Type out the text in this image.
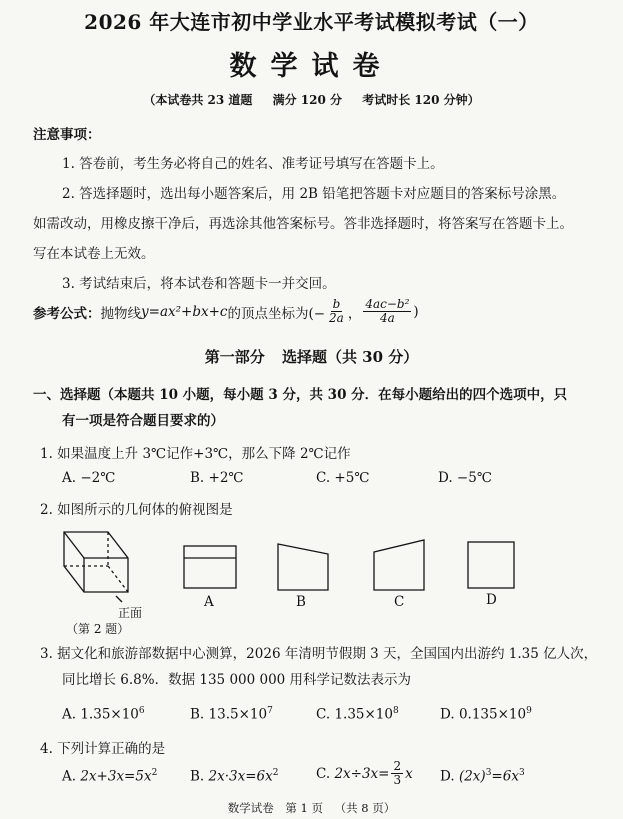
2026 年大连市初中学业水平考试模拟考试（一）
数学试卷
（本试卷共 23 道题 满分 120 分 考试时长 120 分钟）
注意事项：
1. 答卷前，考生务必将自己的姓名、准考证号填写在答题卡上。
2. 答选择题时，选出每小题答案后，用 2B 铅笔把答题卡对应题目的答案标号涂黑。
如需改动，用橡皮擦干净后，再选涂其他答案标号。答非选择题时，将答案写在答题卡上。
写在本试卷上无效。
3. 考试结束后，将本试卷和答题卡一并交回。
参考公式： 抛物线 y=ax²+bx+c 的顶点坐标为(− $\frac{b}{2a}$ ， $\frac{\text{4ac−b²}}{4a}$ )
第一部分 选择题（共 30 分）
一、选择题（本题共 10 小题，每小题 3 分，共 30 分．在每小题给出的四个选项中，只
有一项是符合题目要求的）
1. 如果温度上升 3℃记作+3℃，那么下降 2℃记作
A. −2℃	B. +2℃	C. +5℃	D. −5℃
2. 如图所示的几何体的俯视图是
正面
（第 2 题）
A	B	C	D
3. 据文化和旅游部数据中心测算，2026 年清明节假期 3 天，全国国内出游约 1.35 亿人次，
同比增长 6.8%．数据 135 000 000 用科学记数法表示为
A. $1.35\times 10^6$	B. $13.5\times 10^7$	C. $1.35\times 10^8$	D. $0.135\times 10^9$
4. 下列计算正确的是
A. $2x+3x=5x^2$ B. $2x\cdot 3x=6x^2$	C.
$2x\div 3x= \frac{2}{3}$ x D. $(2x)^3=6x^3$
数学试卷 第 1 页 （共 8 页）
